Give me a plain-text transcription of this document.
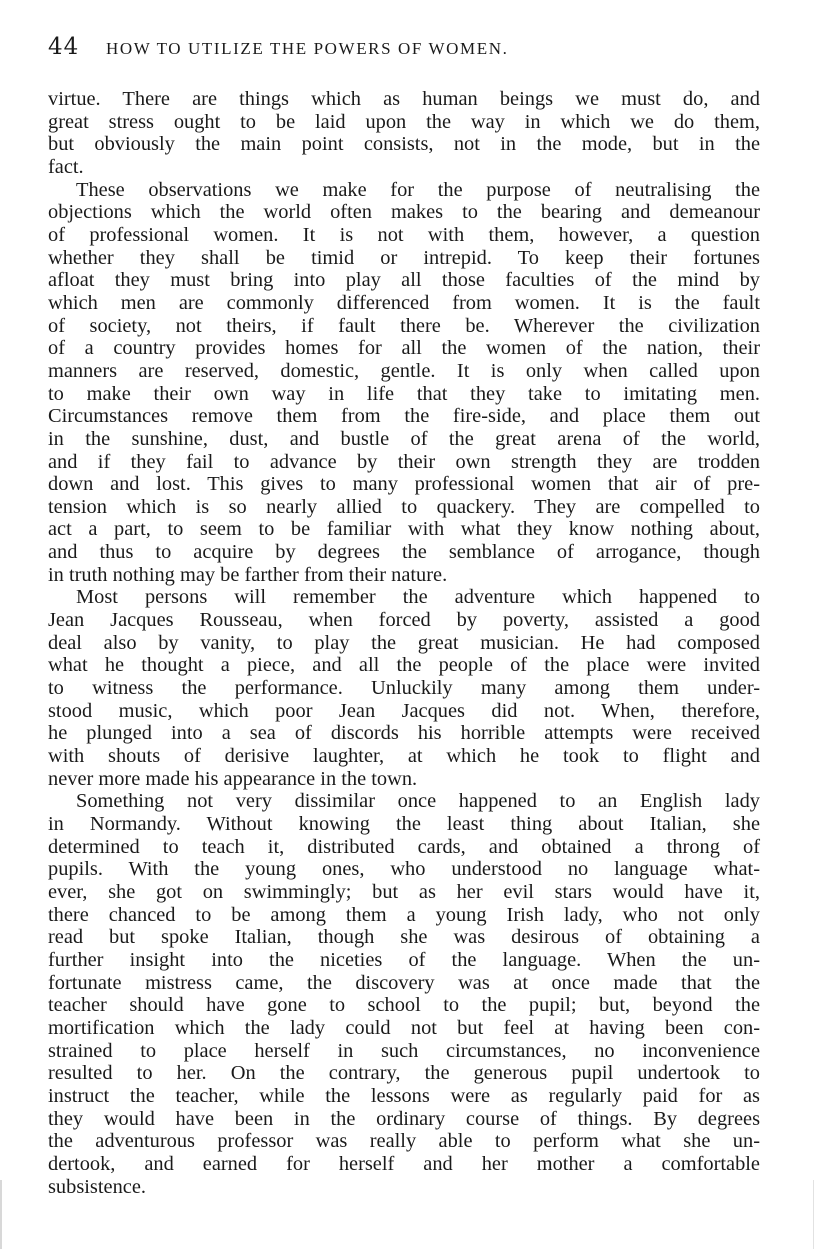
44	HOW TO UTILIZE THE POWERS OF WOMEN.
virtue. There are things which as human beings we must do, and
great stress ought to be laid upon the way in which we do them,
but obviously the main point consists, not in the mode, but in the
fact.
These observations we make for the purpose of neutralising the
objections which the world often makes to the bearing and demeanour
of professional women. It is not with them, however, a question
whether they shall be timid or intrepid. To keep their fortunes
afloat they must bring into play all those faculties of the mind by
which men are commonly differenced from women. It is the fault
of society, not theirs, if fault there be. Wherever the civilization
of a country provides homes for all the women of the nation, their
manners are reserved, domestic, gentle. It is only when called upon
to make their own way in life that they take to imitating men.
Circumstances remove them from the fire-side, and place them out
in the sunshine, dust, and bustle of the great arena of the world,
and if they fail to advance by their own strength they are trodden
down and lost. This gives to many professional women that air of pre-
tension which is so nearly allied to quackery. They are compelled to
act a part, to seem to be familiar with what they know nothing about,
and thus to acquire by degrees the semblance of arrogance, though
in truth nothing may be farther from their nature.
Most persons will remember the adventure which happened to
Jean Jacques Rousseau, when forced by poverty, assisted a good
deal also by vanity, to play the great musician. He had composed
what he thought a piece, and all the people of the place were invited
to witness the performance. Unluckily many among them under-
stood music, which poor Jean Jacques did not. When, therefore,
he plunged into a sea of discords his horrible attempts were received
with shouts of derisive laughter, at which he took to flight and
never more made his appearance in the town.
Something not very dissimilar once happened to an English lady
in Normandy. Without knowing the least thing about Italian, she
determined to teach it, distributed cards, and obtained a throng of
pupils. With the young ones, who understood no language what-
ever, she got on swimmingly; but as her evil stars would have it,
there chanced to be among them a young Irish lady, who not only
read but spoke Italian, though she was desirous of obtaining a
further insight into the niceties of the language. When the un-
fortunate mistress came, the discovery was at once made that the
teacher should have gone to school to the pupil; but, beyond the
mortification which the lady could not but feel at having been con-
strained to place herself in such circumstances, no inconvenience
resulted to her. On the contrary, the generous pupil undertook to
instruct the teacher, while the lessons were as regularly paid for as
they would have been in the ordinary course of things. By degrees
the adventurous professor was really able to perform what she un-
dertook, and earned for herself and her mother a comfortable
subsistence.
